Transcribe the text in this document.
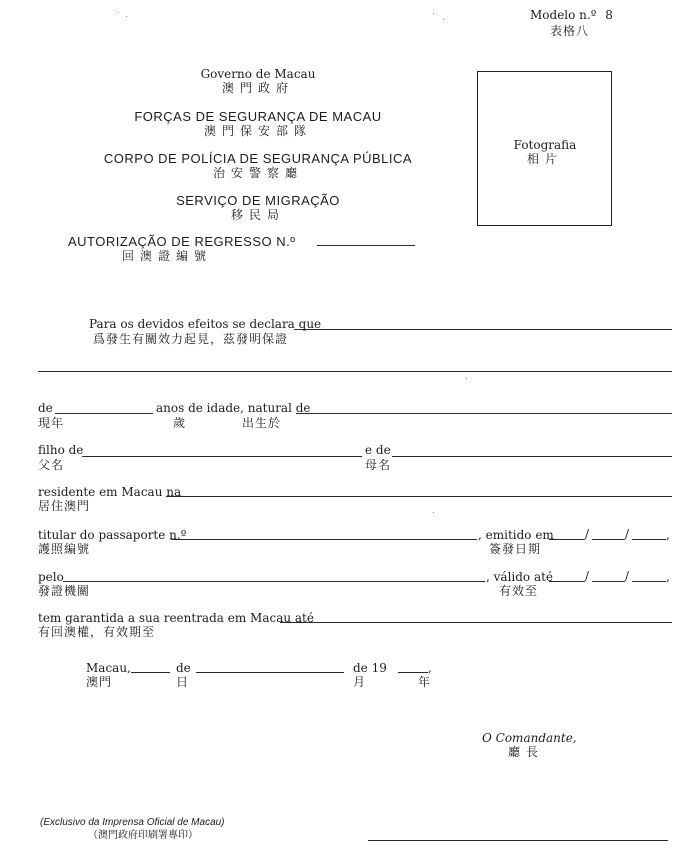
Modelo n.º 8
表格八
Governo de Macau
澳門政府
FORÇAS DE SEGURANÇA DE MACAU
澳門保安部隊
CORPO DE POLÍCIA DE SEGURANÇA PÚBLICA
治安警察廳
SERVIÇO DE MIGRAÇÃO
移民局
Fotografia
相片
AUTORIZAÇÃO DE REGRESSO N.º
回澳證編號
Para os devidos efeitos se declara que
爲發生有關效力起見，茲發明保證
de	anos de idade, natural de
現年	歲	出生於
filho de	e de
父名	母名
residente em Macau na
居住澳門
titular do passaporte n.º	, emitido em	/	/	,
護照編號	簽發日期
pelo	, válido até	/	/	,
發證機關	有效至
tem garantida a sua reentrada em Macau até
有回澳權，有效期至
Macau,	de	de 19	,
澳門	日	月	年
O Comandante,
廳長
(Exclusivo da Imprensa Oficial de Macau)
（澳門政府印刷署專印）
